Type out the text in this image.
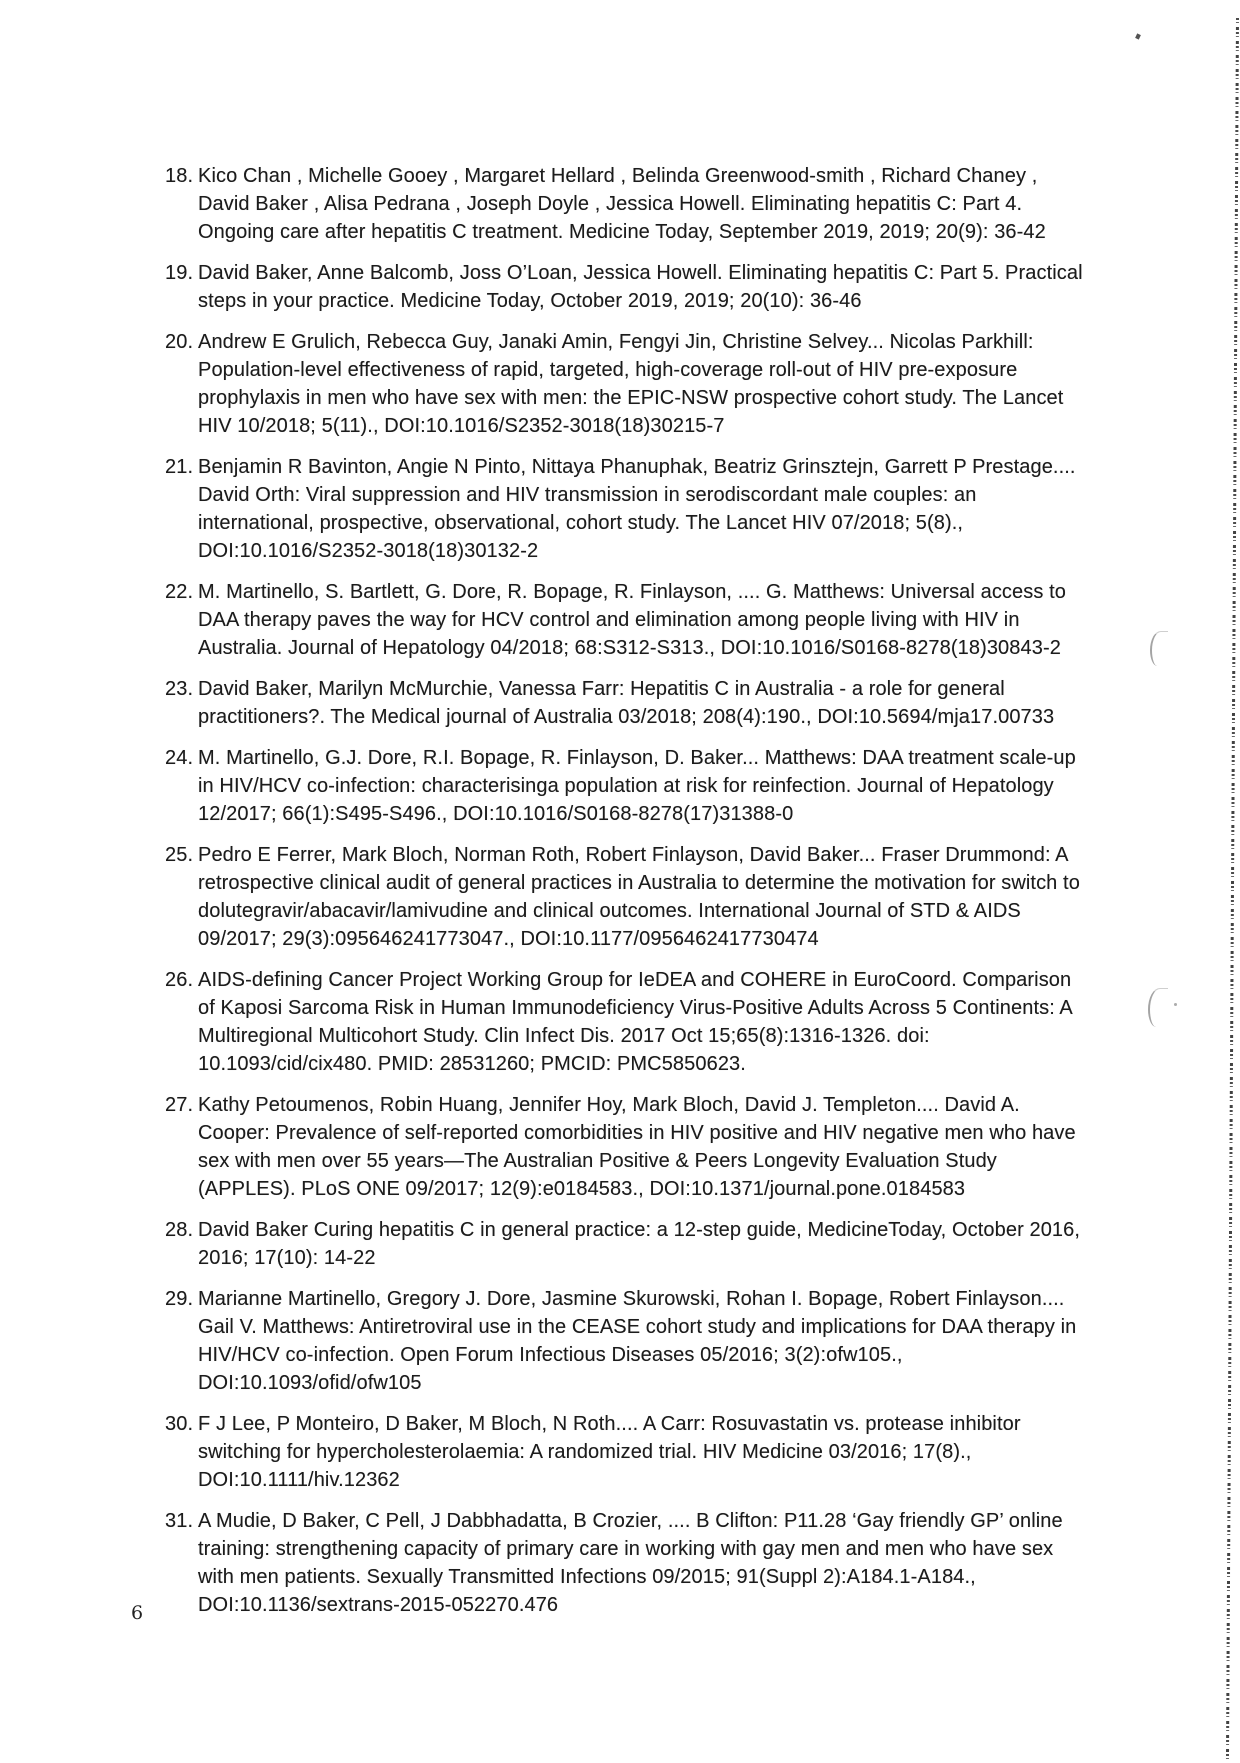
18. Kico Chan , Michelle Gooey , Margaret Hellard , Belinda Greenwood-smith , Richard Chaney , David Baker , Alisa Pedrana , Joseph Doyle , Jessica Howell. Eliminating hepatitis C: Part 4. Ongoing care after hepatitis C treatment. Medicine Today, September 2019, 2019; 20(9): 36-42
19. David Baker, Anne Balcomb, Joss O’Loan, Jessica Howell. Eliminating hepatitis C: Part 5. Practical steps in your practice. Medicine Today, October 2019, 2019; 20(10): 36-46
20. Andrew E Grulich, Rebecca Guy, Janaki Amin, Fengyi Jin, Christine Selvey... Nicolas Parkhill: Population-level effectiveness of rapid, targeted, high-coverage roll-out of HIV pre-exposure prophylaxis in men who have sex with men: the EPIC-NSW prospective cohort study. The Lancet HIV 10/2018; 5(11)., DOI:10.1016/S2352-3018(18)30215-7
21. Benjamin R Bavinton, Angie N Pinto, Nittaya Phanuphak, Beatriz Grinsztejn, Garrett P Prestage.... David Orth: Viral suppression and HIV transmission in serodiscordant male couples: an international, prospective, observational, cohort study. The Lancet HIV 07/2018; 5(8)., DOI:10.1016/S2352-3018(18)30132-2
22. M. Martinello, S. Bartlett, G. Dore, R. Bopage, R. Finlayson, .... G. Matthews: Universal access to DAA therapy paves the way for HCV control and elimination among people living with HIV in Australia. Journal of Hepatology 04/2018; 68:S312-S313., DOI:10.1016/S0168-8278(18)30843-2
23. David Baker, Marilyn McMurchie, Vanessa Farr: Hepatitis C in Australia - a role for general practitioners?. The Medical journal of Australia 03/2018; 208(4):190., DOI:10.5694/mja17.00733
24. M. Martinello, G.J. Dore, R.I. Bopage, R. Finlayson, D. Baker... Matthews: DAA treatment scale-up in HIV/HCV co-infection: characterisinga population at risk for reinfection. Journal of Hepatology 12/2017; 66(1):S495-S496., DOI:10.1016/S0168-8278(17)31388-0
25. Pedro E Ferrer, Mark Bloch, Norman Roth, Robert Finlayson, David Baker... Fraser Drummond: A retrospective clinical audit of general practices in Australia to determine the motivation for switch to dolutegravir/abacavir/lamivudine and clinical outcomes. International Journal of STD & AIDS 09/2017; 29(3):095646241773047., DOI:10.1177/0956462417730474
26. AIDS-defining Cancer Project Working Group for IeDEA and COHERE in EuroCoord. Comparison of Kaposi Sarcoma Risk in Human Immunodeficiency Virus-Positive Adults Across 5 Continents: A Multiregional Multicohort Study. Clin Infect Dis. 2017 Oct 15;65(8):1316-1326. doi: 10.1093/cid/cix480. PMID: 28531260; PMCID: PMC5850623.
27. Kathy Petoumenos, Robin Huang, Jennifer Hoy, Mark Bloch, David J. Templeton.... David A. Cooper: Prevalence of self-reported comorbidities in HIV positive and HIV negative men who have sex with men over 55 years—The Australian Positive & Peers Longevity Evaluation Study (APPLES). PLoS ONE 09/2017; 12(9):e0184583., DOI:10.1371/journal.pone.0184583
28. David Baker Curing hepatitis C in general practice: a 12-step guide, MedicineToday, October 2016, 2016; 17(10): 14-22
29. Marianne Martinello, Gregory J. Dore, Jasmine Skurowski, Rohan I. Bopage, Robert Finlayson.... Gail V. Matthews: Antiretroviral use in the CEASE cohort study and implications for DAA therapy in HIV/HCV co-infection. Open Forum Infectious Diseases 05/2016; 3(2):ofw105., DOI:10.1093/ofid/ofw105
30. F J Lee, P Monteiro, D Baker, M Bloch, N Roth.... A Carr: Rosuvastatin vs. protease inhibitor switching for hypercholesterolaemia: A randomized trial. HIV Medicine 03/2016; 17(8)., DOI:10.1111/hiv.12362
31. A Mudie, D Baker, C Pell, J Dabbhadatta, B Crozier, .... B Clifton: P11.28 ‘Gay friendly GP’ online training: strengthening capacity of primary care in working with gay men and men who have sex with men patients. Sexually Transmitted Infections 09/2015; 91(Suppl 2):A184.1-A184., DOI:10.1136/sextrans-2015-052270.476
6
